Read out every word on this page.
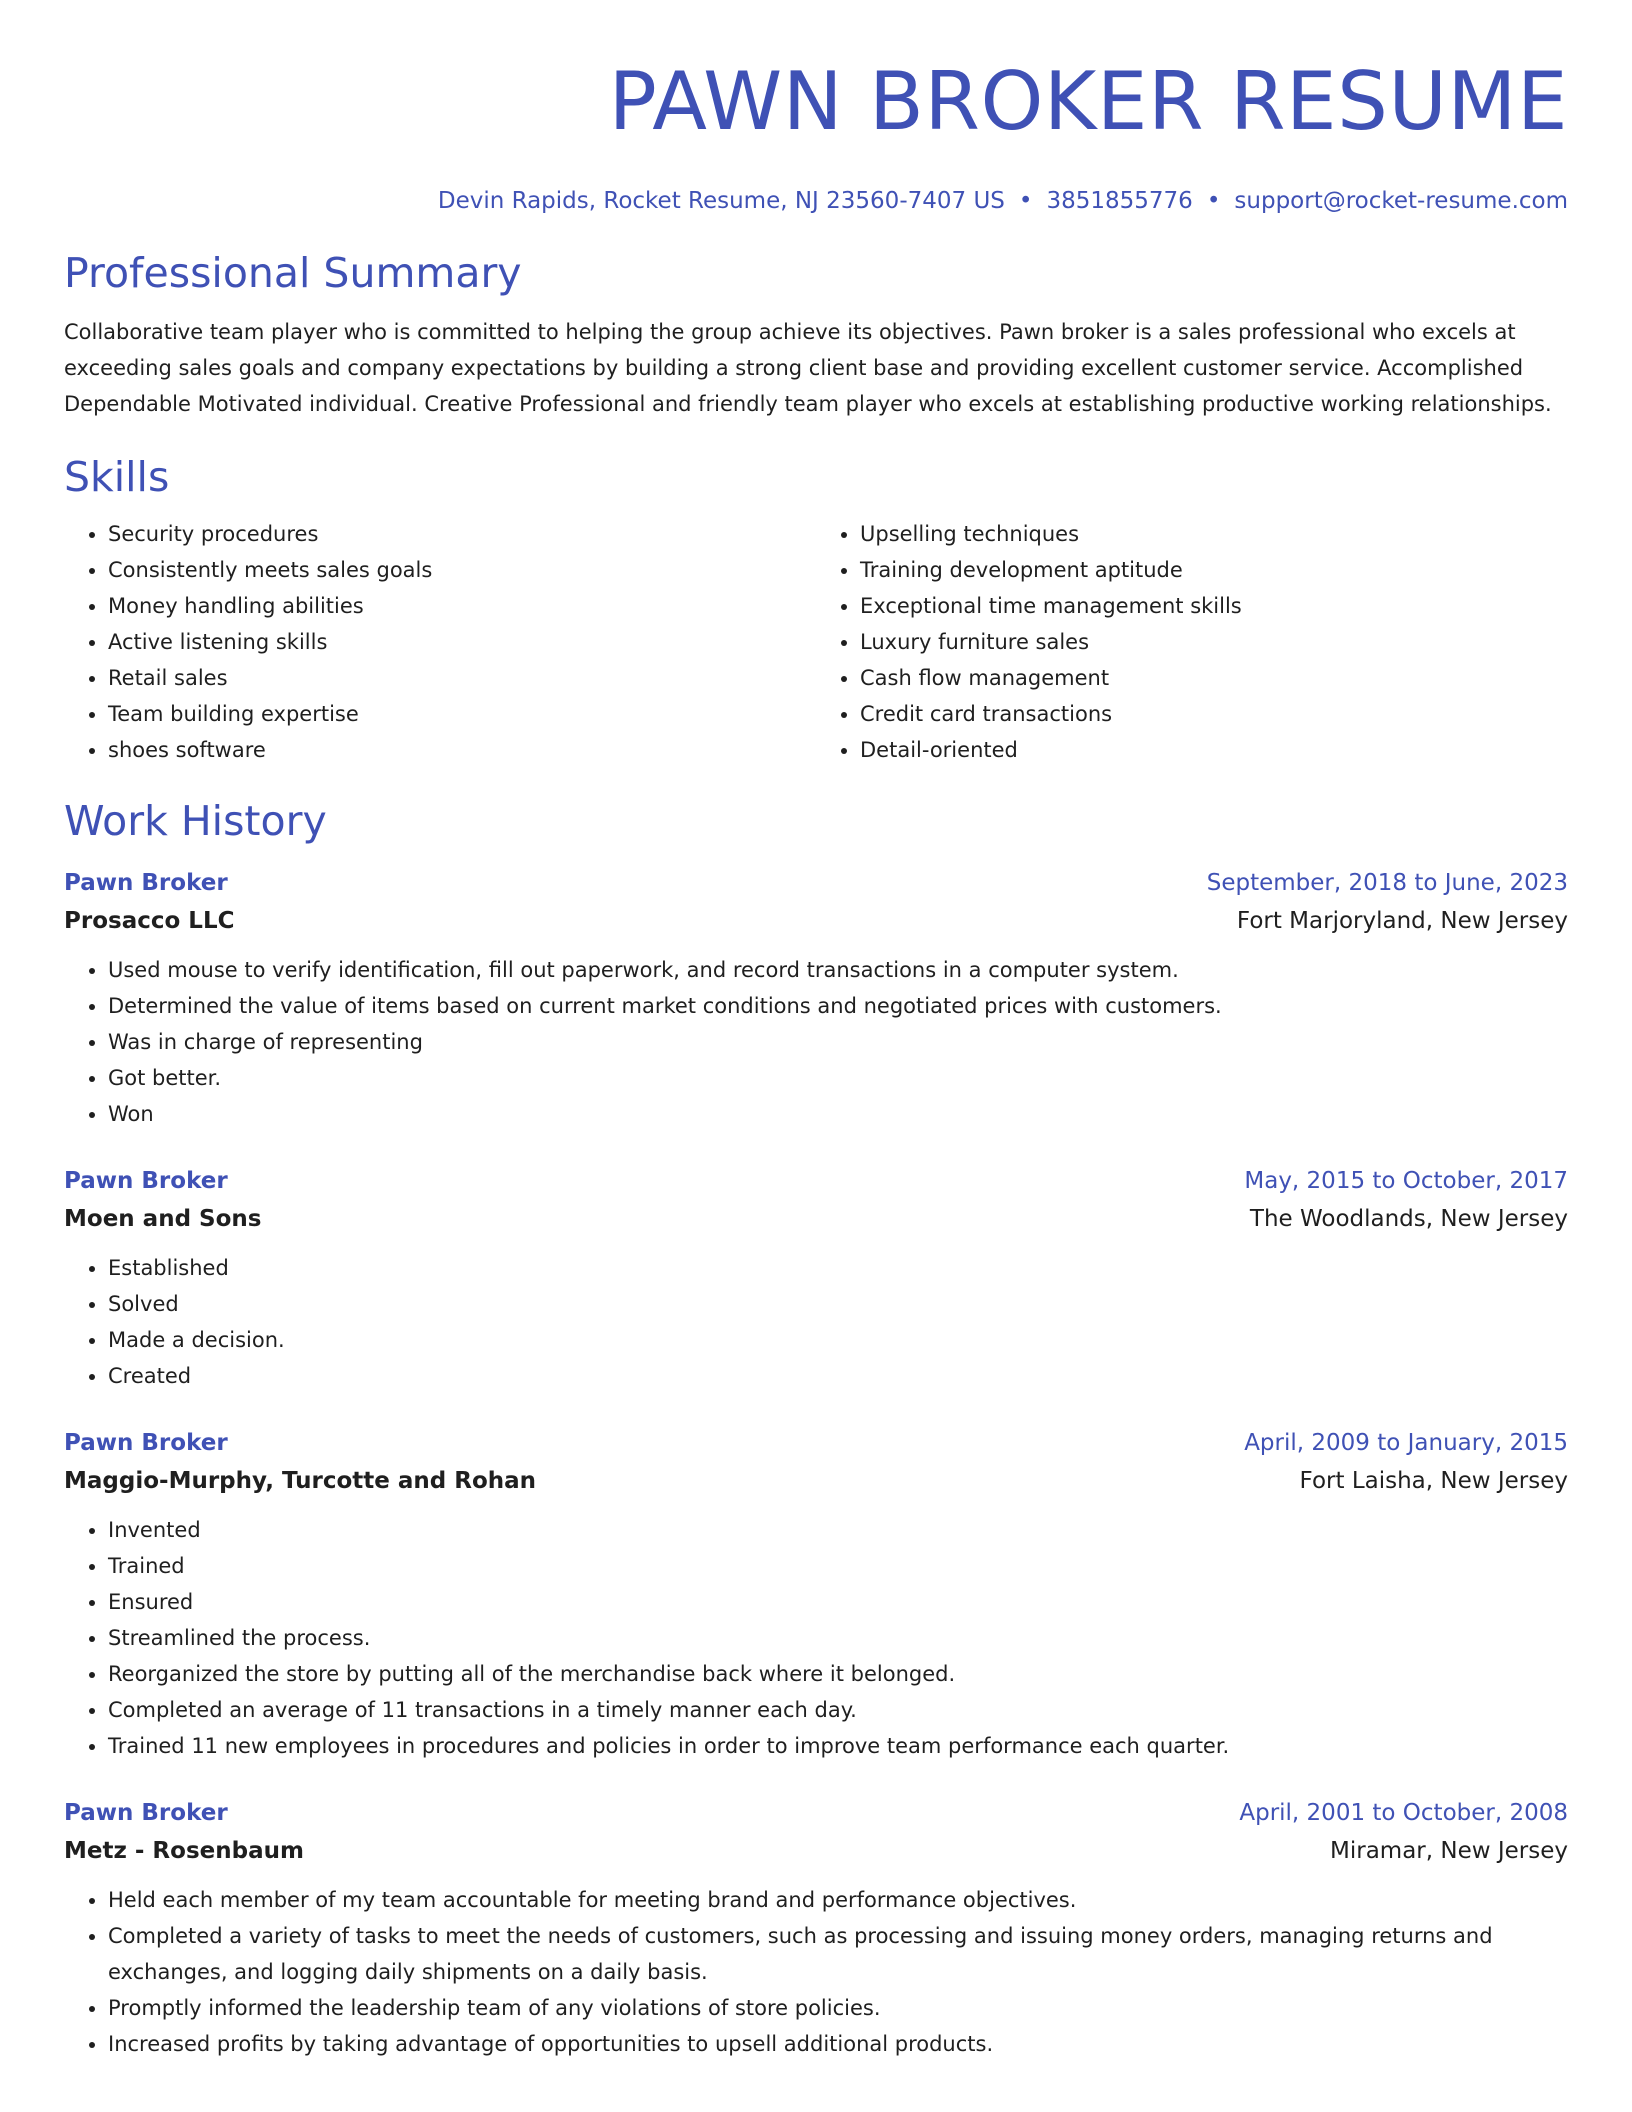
PAWN BROKER RESUME
Devin Rapids, Rocket Resume, NJ 23560-7407 US • 3851855776 • support@rocket-resume.com
Professional Summary

Collaborative team player who is committed to helping the group achieve its objectives. Pawn broker is a sales professional who excels at exceeding sales goals and company expectations by building a strong client base and providing excellent customer service. Accomplished Dependable Motivated individual. Creative Professional and friendly team player who excels at establishing productive working relationships.

Skills
• Security procedures
• Consistently meets sales goals
• Money handling abilities
• Active listening skills
• Retail sales
• Team building expertise
• shoes software
• Upselling techniques
• Training development aptitude
• Exceptional time management skills
• Luxury furniture sales
• Cash flow management
• Credit card transactions
• Detail-oriented
Work History
Pawn Broker	September, 2018 to June, 2023
Prosacco LLC	Fort Marjoryland, New Jersey
• Used mouse to verify identification, fill out paperwork, and record transactions in a computer system.
• Determined the value of items based on current market conditions and negotiated prices with customers.
• Was in charge of representing
• Got better.
• Won
Pawn Broker	May, 2015 to October, 2017
Moen and Sons	The Woodlands, New Jersey
• Established
• Solved
• Made a decision.
• Created
Pawn Broker	April, 2009 to January, 2015
Maggio-Murphy, Turcotte and Rohan	Fort Laisha, New Jersey
• Invented
• Trained
• Ensured
• Streamlined the process.
• Reorganized the store by putting all of the merchandise back where it belonged.
• Completed an average of 11 transactions in a timely manner each day.
• Trained 11 new employees in procedures and policies in order to improve team performance each quarter.
Pawn Broker	April, 2001 to October, 2008
Metz - Rosenbaum	Miramar, New Jersey
• Held each member of my team accountable for meeting brand and performance objectives.
• Completed a variety of tasks to meet the needs of customers, such as processing and issuing money orders, managing returns and exchanges, and logging daily shipments on a daily basis.
• Promptly informed the leadership team of any violations of store policies.
• Increased profits by taking advantage of opportunities to upsell additional products.
